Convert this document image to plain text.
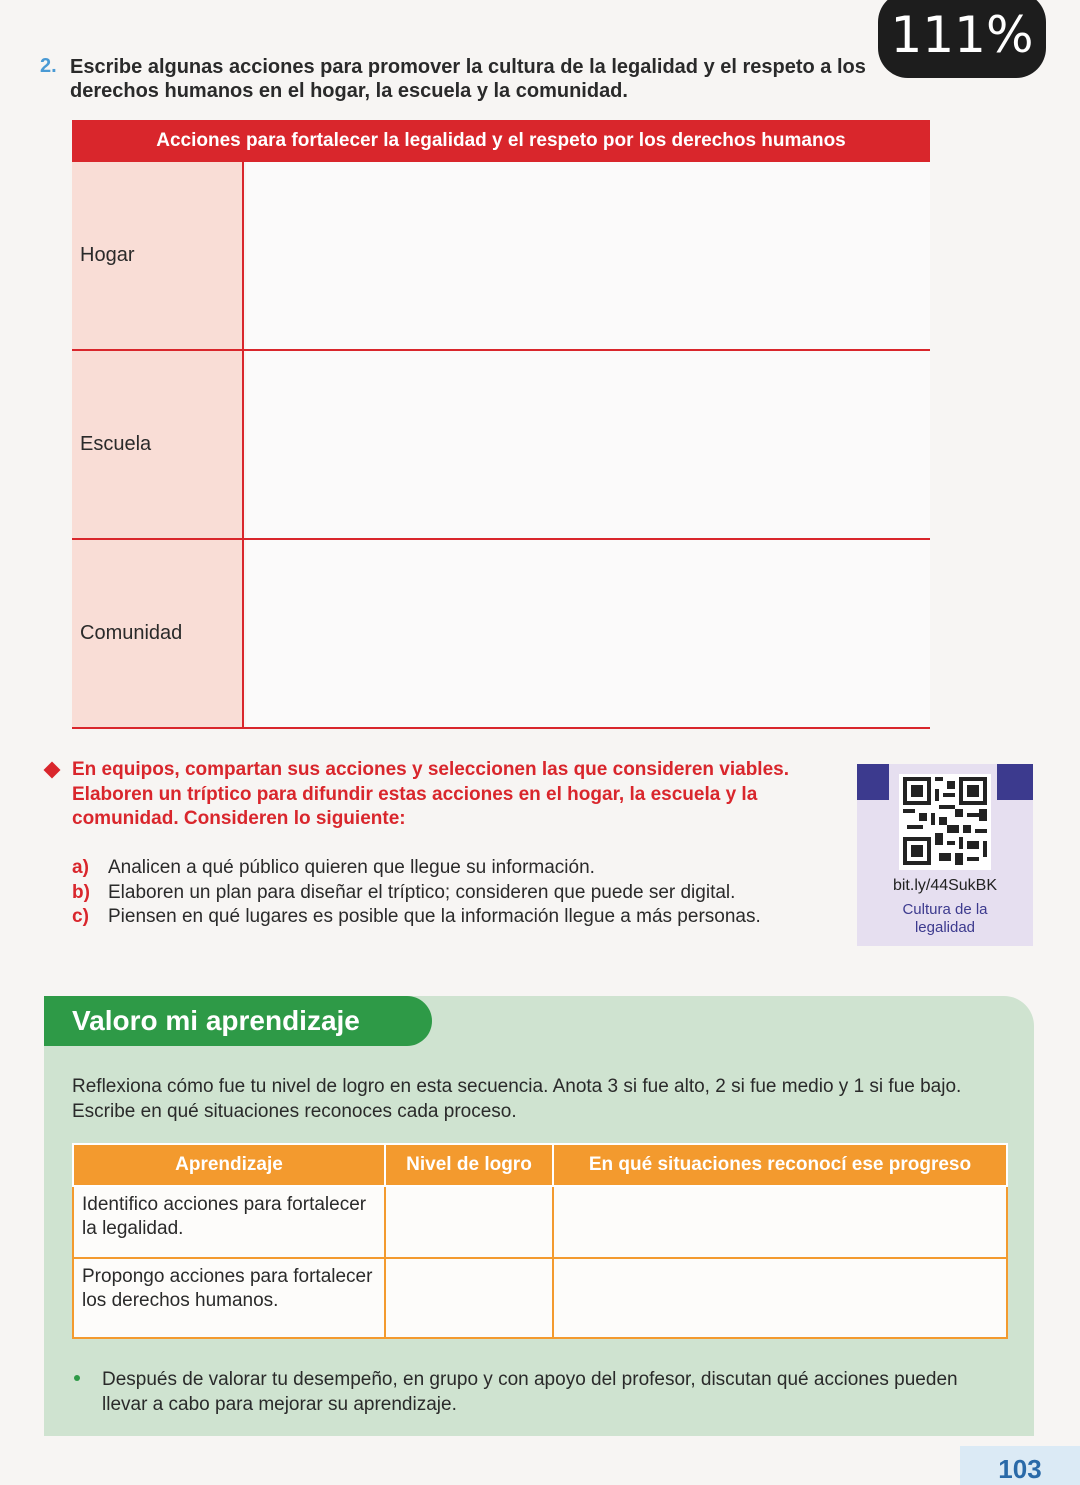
111%
2. Escribe algunas acciones para promover la cultura de la legalidad y el respeto a los derechos humanos en el hogar, la escuela y la comunidad.
Acciones para fortalecer la legalidad y el respeto por los derechos humanos
Hogar
Escuela
Comunidad
En equipos, compartan sus acciones y seleccionen las que consideren viables. Elaboren un tríptico para difundir estas acciones en el hogar, la escuela y la comunidad. Consideren lo siguiente:
a) Analicen a qué público quieren que llegue su información.
b) Elaboren un plan para diseñar el tríptico; consideren que puede ser digital.
c) Piensen en qué lugares es posible que la información llegue a más personas.
bit.ly/44SukBK
Cultura de la legalidad
Valoro mi aprendizaje
Reflexiona cómo fue tu nivel de logro en esta secuencia. Anota 3 si fue alto, 2 si fue medio y 1 si fue bajo. Escribe en qué situaciones reconoces cada proceso.
Aprendizaje	Nivel de logro	En qué situaciones reconocí ese progreso
Identifico acciones para fortalecer la legalidad.		
Propongo acciones para fortalecer los derechos humanos.		
Después de valorar tu desempeño, en grupo y con apoyo del profesor, discutan qué acciones pueden llevar a cabo para mejorar su aprendizaje.
103
